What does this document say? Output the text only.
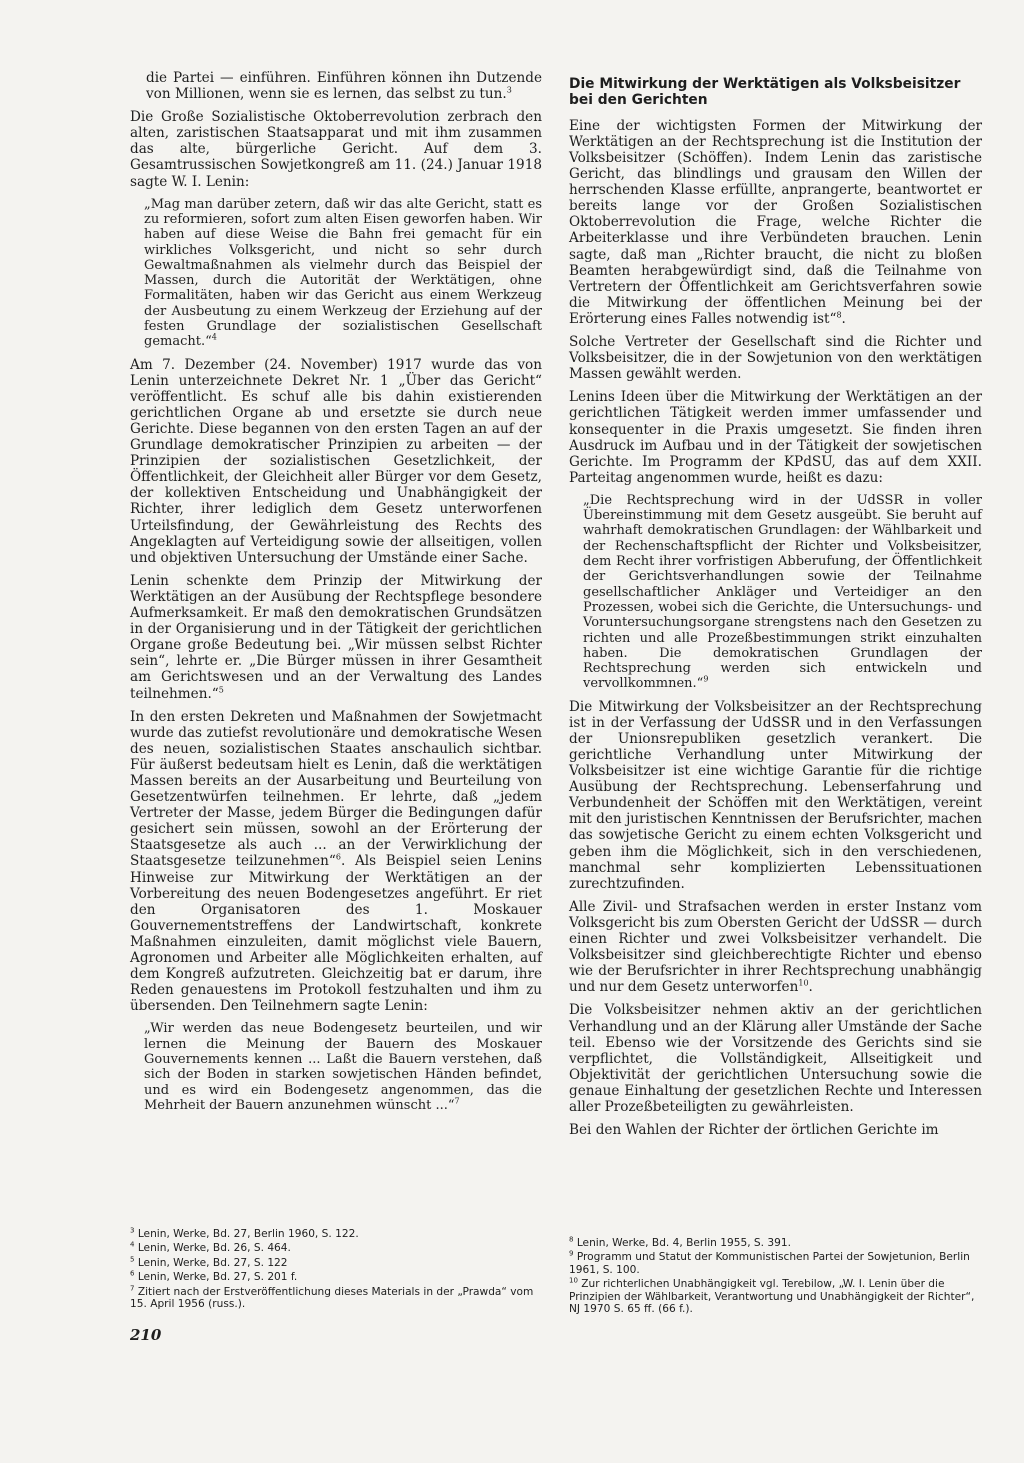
die Partei — einführen. Einführen können ihn Dutzende von Millionen, wenn sie es lernen, das selbst zu tun.$^3$

Die Große Sozialistische Oktoberrevolution zerbrach den alten, zaristischen Staatsapparat und mit ihm zusammen das alte, bürgerliche Gericht. Auf dem 3. Gesamtrussischen Sowjetkongreß am 11. (24.) Januar 1918 sagte W. I. Lenin:

„Mag man darüber zetern, daß wir das alte Gericht, statt es zu reformieren, sofort zum alten Eisen geworfen haben. Wir haben auf diese Weise die Bahn frei gemacht für ein wirkliches Volksgericht, und nicht so sehr durch Gewaltmaßnahmen als vielmehr durch das Beispiel der Massen, durch die Autorität der Werktätigen, ohne Formalitäten, haben wir das Gericht aus einem Werkzeug der Ausbeutung zu einem Werkzeug der Erziehung auf der festen Grundlage der sozialistischen Gesellschaft gemacht.“$^4$

Am 7. Dezember (24. November) 1917 wurde das von Lenin unterzeichnete Dekret Nr. 1 „Über das Gericht“ veröffentlicht. Es schuf alle bis dahin existierenden gerichtlichen Organe ab und ersetzte sie durch neue Gerichte. Diese begannen von den ersten Tagen an auf der Grundlage demokratischer Prinzipien zu arbeiten — der Prinzipien der sozialistischen Gesetzlichkeit, der Öffentlichkeit, der Gleichheit aller Bürger vor dem Gesetz, der kollektiven Entscheidung und Unabhängigkeit der Richter, ihrer lediglich dem Gesetz unterworfenen Urteilsfindung, der Gewährleistung des Rechts des Angeklagten auf Verteidigung sowie der allseitigen, vollen und objektiven Untersuchung der Umstände einer Sache.

Lenin schenkte dem Prinzip der Mitwirkung der Werktätigen an der Ausübung der Rechtspflege besondere Aufmerksamkeit. Er maß den demokratischen Grundsätzen in der Organisierung und in der Tätigkeit der gerichtlichen Organe große Bedeutung bei. „Wir müssen selbst Richter sein“, lehrte er. „Die Bürger müssen in ihrer Gesamtheit am Gerichtswesen und an der Verwaltung des Landes teilnehmen.“$^5$

In den ersten Dekreten und Maßnahmen der Sowjetmacht wurde das zutiefst revolutionäre und demokratische Wesen des neuen, sozialistischen Staates anschaulich sichtbar. Für äußerst bedeutsam hielt es Lenin, daß die werktätigen Massen bereits an der Ausarbeitung und Beurteilung von Gesetzentwürfen teilnehmen. Er lehrte, daß „jedem Vertreter der Masse, jedem Bürger die Bedingungen dafür gesichert sein müssen, sowohl an der Erörterung der Staatsgesetze als auch ... an der Verwirklichung der Staatsgesetze teilzunehmen“$^6$. Als Beispiel seien Lenins Hinweise zur Mitwirkung der Werktätigen an der Vorbereitung des neuen Bodengesetzes angeführt. Er riet den Organisatoren des 1. Moskauer Gouvernementstreffens der Landwirtschaft, konkrete Maßnahmen einzuleiten, damit möglichst viele Bauern, Agronomen und Arbeiter alle Möglichkeiten erhalten, auf dem Kongreß aufzutreten. Gleichzeitig bat er darum, ihre Reden genauestens im Protokoll festzuhalten und ihm zu übersenden. Den Teilnehmern sagte Lenin:

„Wir werden das neue Bodengesetz beurteilen, und wir lernen die Meinung der Bauern des Moskauer Gouvernements kennen ... Laßt die Bauern verstehen, daß sich der Boden in starken sowjetischen Händen befindet, und es wird ein Bodengesetz angenommen, das die Mehrheit der Bauern anzunehmen wünscht ...“$^7$
Die Mitwirkung der Werktätigen als Volksbeisitzer bei den Gerichten

Eine der wichtigsten Formen der Mitwirkung der Werktätigen an der Rechtsprechung ist die Institution der Volksbeisitzer (Schöffen). Indem Lenin das zaristische Gericht, das blindlings und grausam den Willen der herrschenden Klasse erfüllte, anprangerte, beantwortet er bereits lange vor der Großen Sozialistischen Oktoberrevolution die Frage, welche Richter die Arbeiterklasse und ihre Verbündeten brauchen. Lenin sagte, daß man „Richter braucht, die nicht zu bloßen Beamten herabgewürdigt sind, daß die Teilnahme von Vertretern der Öffentlichkeit am Gerichtsverfahren sowie die Mitwirkung der öffentlichen Meinung bei der Erörterung eines Falles notwendig ist“$^8$.

Solche Vertreter der Gesellschaft sind die Richter und Volksbeisitzer, die in der Sowjetunion von den werktätigen Massen gewählt werden.

Lenins Ideen über die Mitwirkung der Werktätigen an der gerichtlichen Tätigkeit werden immer umfassender und konsequenter in die Praxis umgesetzt. Sie finden ihren Ausdruck im Aufbau und in der Tätigkeit der sowjetischen Gerichte. Im Programm der KPdSU, das auf dem XXII. Parteitag angenommen wurde, heißt es dazu:

„Die Rechtsprechung wird in der UdSSR in voller Übereinstimmung mit dem Gesetz ausgeübt. Sie beruht auf wahrhaft demokratischen Grundlagen: der Wählbarkeit und der Rechenschaftspflicht der Richter und Volksbeisitzer, dem Recht ihrer vorfristigen Abberufung, der Öffentlichkeit der Gerichtsverhandlungen sowie der Teilnahme gesellschaftlicher Ankläger und Verteidiger an den Prozessen, wobei sich die Gerichte, die Untersuchungs- und Voruntersuchungsorgane strengstens nach den Gesetzen zu richten und alle Prozeßbestimmungen strikt einzuhalten haben. Die demokratischen Grundlagen der Rechtsprechung werden sich entwickeln und vervollkommnen.“$^9$

Die Mitwirkung der Volksbeisitzer an der Rechtsprechung ist in der Verfassung der UdSSR und in den Verfassungen der Unionsrepubliken gesetzlich verankert. Die gerichtliche Verhandlung unter Mitwirkung der Volksbeisitzer ist eine wichtige Garantie für die richtige Ausübung der Rechtsprechung. Lebenserfahrung und Verbundenheit der Schöffen mit den Werktätigen, vereint mit den juristischen Kenntnissen der Berufsrichter, machen das sowjetische Gericht zu einem echten Volksgericht und geben ihm die Möglichkeit, sich in den verschiedenen, manchmal sehr komplizierten Lebenssituationen zurechtzufinden.

Alle Zivil- und Strafsachen werden in erster Instanz vom Volksgericht bis zum Obersten Gericht der UdSSR — durch einen Richter und zwei Volksbeisitzer verhandelt. Die Volksbeisitzer sind gleichberechtigte Richter und ebenso wie der Berufsrichter in ihrer Rechtsprechung unabhängig und nur dem Gesetz unterworfen$^{10}$.

Die Volksbeisitzer nehmen aktiv an der gerichtlichen Verhandlung und an der Klärung aller Umstände der Sache teil. Ebenso wie der Vorsitzende des Gerichts sind sie verpflichtet, die Vollständigkeit, Allseitigkeit und Objektivität der gerichtlichen Untersuchung sowie die genaue Einhaltung der gesetzlichen Rechte und Interessen aller Prozeßbeteiligten zu gewährleisten.

Bei den Wahlen der Richter der örtlichen Gerichte im

$^3$ Lenin, Werke, Bd. 27, Berlin 1960, S. 122.
$^4$ Lenin, Werke, Bd. 26, S. 464.
$^5$ Lenin, Werke, Bd. 27, S. 122
$^6$ Lenin, Werke, Bd. 27, S. 201 f.
$^7$ Zitiert nach der Erstveröffentlichung dieses Materials in der „Prawda“ vom 15. April 1956 (russ.).
$^8$ Lenin, Werke, Bd. 4, Berlin 1955, S. 391.
$^9$ Programm und Statut der Kommunistischen Partei der Sowjetunion, Berlin 1961, S. 100.
$^{10}$ Zur richterlichen Unabhängigkeit vgl. Terebilow, „W. I. Lenin über die Prinzipien der Wählbarkeit, Verantwortung und Unabhängigkeit der Richter“, NJ 1970 S. 65 ff. (66 f.).
210
